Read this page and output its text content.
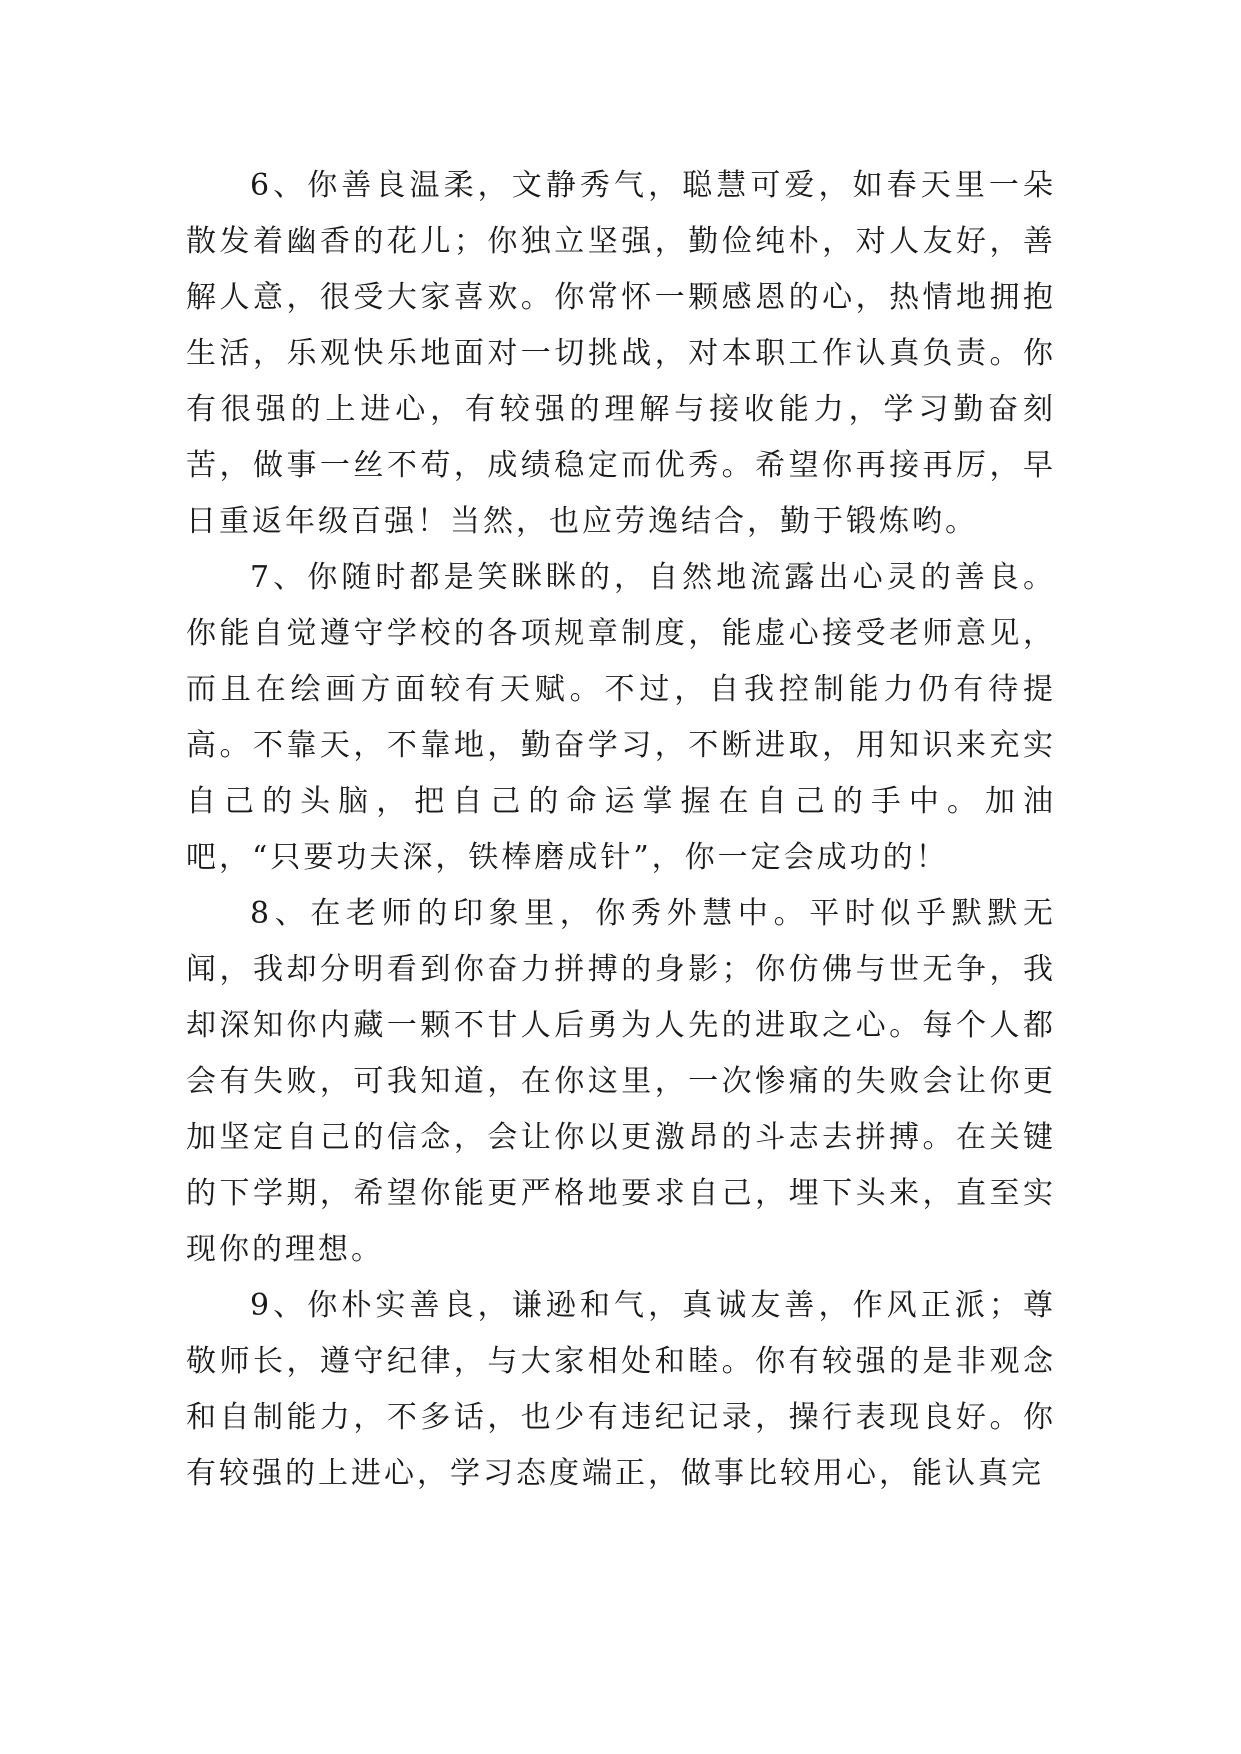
6、你善良温柔，文静秀气，聪慧可爱，如春天里一朵散发着幽香的花儿；你独立坚强，勤俭纯朴，对人友好，善解人意，很受大家喜欢。你常怀一颗感恩的心，热情地拥抱生活，乐观快乐地面对一切挑战，对本职工作认真负责。你有很强的上进心，有较强的理解与接收能力，学习勤奋刻苦，做事一丝不苟，成绩稳定而优秀。希望你再接再厉，早日重返年级百强！当然，也应劳逸结合，勤于锻炼哟。

7、你随时都是笑眯眯的，自然地流露出心灵的善良。你能自觉遵守学校的各项规章制度，能虚心接受老师意见，而且在绘画方面较有天赋。不过，自我控制能力仍有待提高。不靠天，不靠地，勤奋学习，不断进取，用知识来充实自己的头脑，把自己的命运掌握在自己的手中。加油吧，“只要功夫深，铁棒磨成针”，你一定会成功的！

8、在老师的印象里，你秀外慧中。平时似乎默默无闻，我却分明看到你奋力拼搏的身影；你仿佛与世无争，我却深知你内藏一颗不甘人后勇为人先的进取之心。每个人都会有失败，可我知道，在你这里，一次惨痛的失败会让你更加坚定自己的信念，会让你以更激昂的斗志去拼搏。在关键的下学期，希望你能更严格地要求自己，埋下头来，直至实现你的理想。

9、你朴实善良，谦逊和气，真诚友善，作风正派；尊敬师长，遵守纪律，与大家相处和睦。你有较强的是非观念和自制能力，不多话，也少有违纪记录，操行表现良好。你有较强的上进心，学习态度端正，做事比较用心，能认真完
